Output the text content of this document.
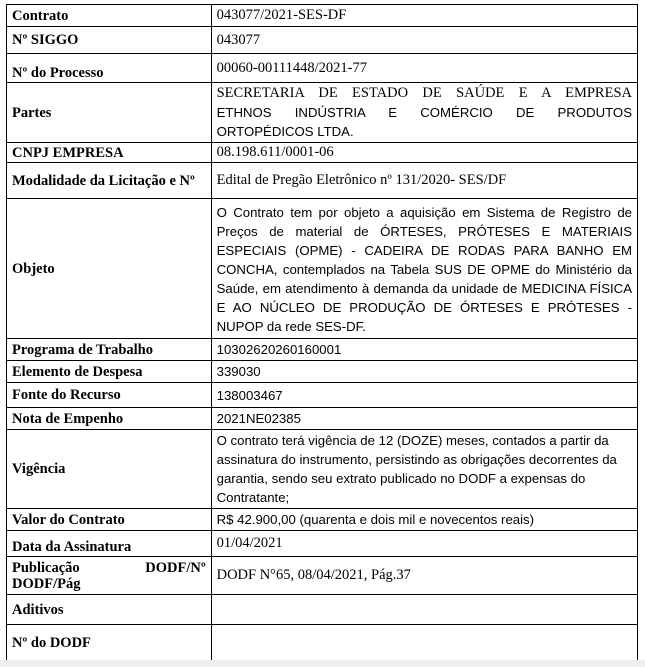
Contrato	043077/2021-SES-DF
Nº SIGGO	043077
Nº do Processo	00060-00111448/2021-77
Partes	SECRETARIA DE ESTADO DE SAÚDE E A EMPRESA
ETHNOS INDÚSTRIA E COMÉRCIO DE PRODUTOS ORTOPÉDICOS LTDA.

CNPJ EMPRESA	08.198.611/0001-06
Modalidade da Licitação e Nº	Edital de Pregão Eletrônico nº 131/2020- SES/DF
Objeto	O Contrato tem por objeto a aquisição em Sistema de Registro de Preços de material de ÓRTESES, PRÓTESES E MATERIAIS ESPECIAIS (OPME) - CADEIRA DE RODAS PARA BANHO EM CONCHA, contemplados na Tabela SUS DE OPME do Ministério da Saúde, em atendimento à demanda da unidade de MEDICINA FÍSICA E AO NÚCLEO DE PRODUÇÃO DE ÓRTESES E PRÓTESES - NUPOP da rede SES-DF.
Programa de Trabalho	10302620260160001
Elemento de Despesa	339030
Fonte do Recurso	138003467
Nota de Empenho	2021NE02385
Vigência	O contrato terá vigência de 12 (DOZE) meses, contados a partir da assinatura do instrumento, persistindo as obrigações decorrentes da garantia, sendo seu extrato publicado no DODF a expensas do Contratante;
Valor do Contrato	R$ 42.900,00 (quarenta e dois mil e novecentos reais)
Data da Assinatura	01/04/2021

Publicação DODF/Nº DODF/Pág	DODF N°65, 08/04/2021, Pág.37
Aditivos	
Nº do DODF	
